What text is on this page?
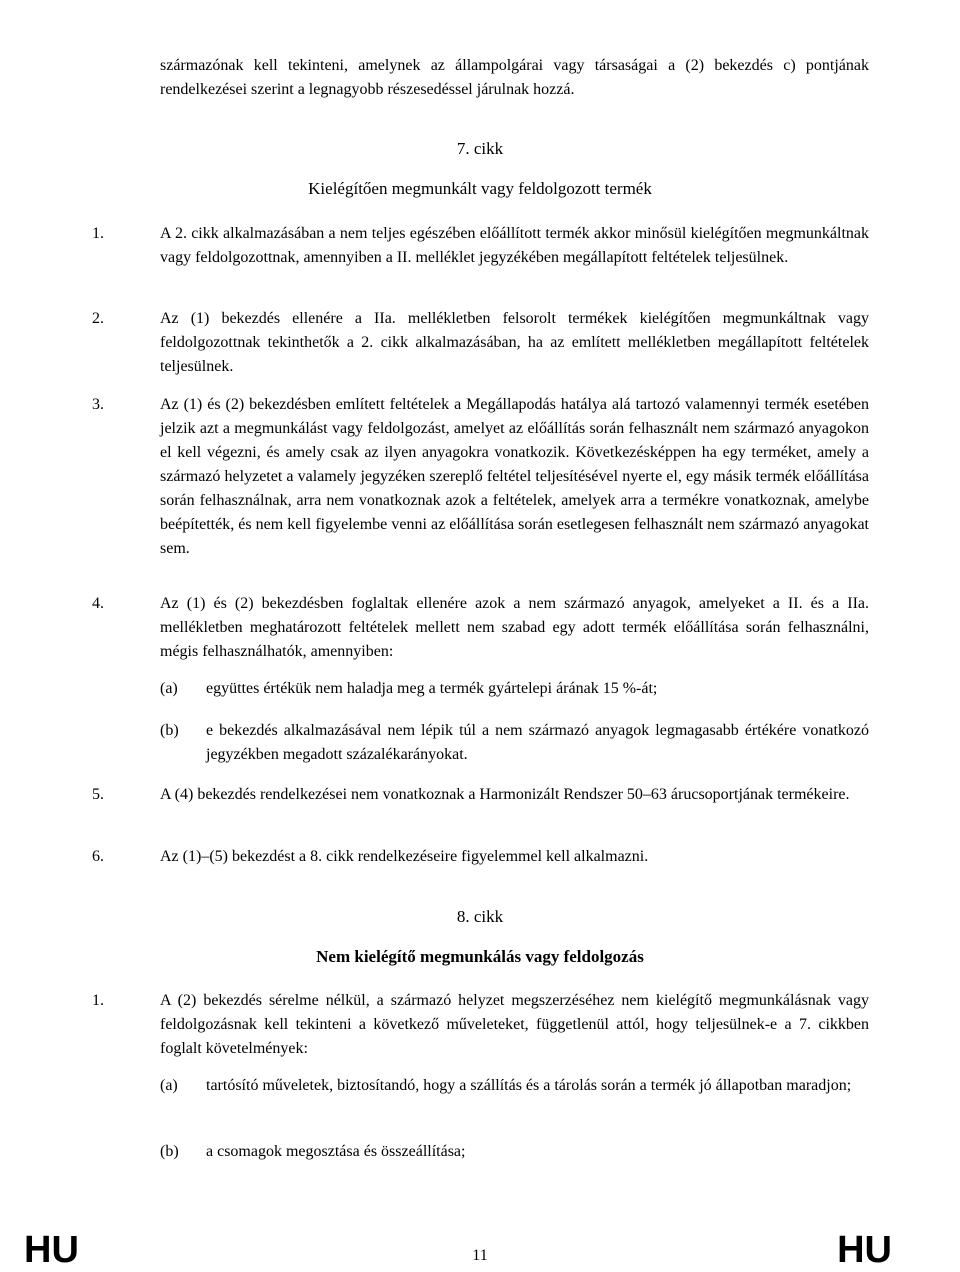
származónak kell tekinteni, amelynek az állampolgárai vagy társaságai a (2) bekezdés c) pontjának rendelkezései szerint a legnagyobb részesedéssel járulnak hozzá.
7. cikk
Kielégítően megmunkált vagy feldolgozott termék
1.	A 2. cikk alkalmazásában a nem teljes egészében előállított termék akkor minősül kielégítően megmunkáltnak vagy feldolgozottnak, amennyiben a II. melléklet jegyzékében megállapított feltételek teljesülnek.
2.	Az (1) bekezdés ellenére a IIa. mellékletben felsorolt termékek kielégítően megmunkáltnak vagy feldolgozottnak tekinthetők a 2. cikk alkalmazásában, ha az említett mellékletben megállapított feltételek teljesülnek.
3.	Az (1) és (2) bekezdésben említett feltételek a Megállapodás hatálya alá tartozó valamennyi termék esetében jelzik azt a megmunkálást vagy feldolgozást, amelyet az előállítás során felhasznált nem származó anyagokon el kell végezni, és amely csak az ilyen anyagokra vonatkozik. Következésképpen ha egy terméket, amely a származó helyzetet a valamely jegyzéken szereplő feltétel teljesítésével nyerte el, egy másik termék előállítása során felhasználnak, arra nem vonatkoznak azok a feltételek, amelyek arra a termékre vonatkoznak, amelybe beépítették, és nem kell figyelembe venni az előállítása során esetlegesen felhasznált nem származó anyagokat sem.
4.	Az (1) és (2) bekezdésben foglaltak ellenére azok a nem származó anyagok, amelyeket a II. és a IIa. mellékletben meghatározott feltételek mellett nem szabad egy adott termék előállítása során felhasználni, mégis felhasználhatók, amennyiben:
(a) együttes értékük nem haladja meg a termék gyártelepi árának 15 %-át;
(b) e bekezdés alkalmazásával nem lépik túl a nem származó anyagok legmagasabb értékére vonatkozó jegyzékben megadott százalékarányokat.
5.	A (4) bekezdés rendelkezései nem vonatkoznak a Harmonizált Rendszer 50–63 árucsoportjának termékeire.
6.	Az (1)–(5) bekezdést a 8. cikk rendelkezéseire figyelemmel kell alkalmazni.
8. cikk
Nem kielégítő megmunkálás vagy feldolgozás
1.	A (2) bekezdés sérelme nélkül, a származó helyzet megszerzéséhez nem kielégítő megmunkálásnak vagy feldolgozásnak kell tekinteni a következő műveleteket, függetlenül attól, hogy teljesülnek-e a 7. cikkben foglalt követelmények:
(a) tartósító műveletek, biztosítandó, hogy a szállítás és a tárolás során a termék jó állapotban maradjon;
(b) a csomagok megosztása és összeállítása;
HU	11	HU
